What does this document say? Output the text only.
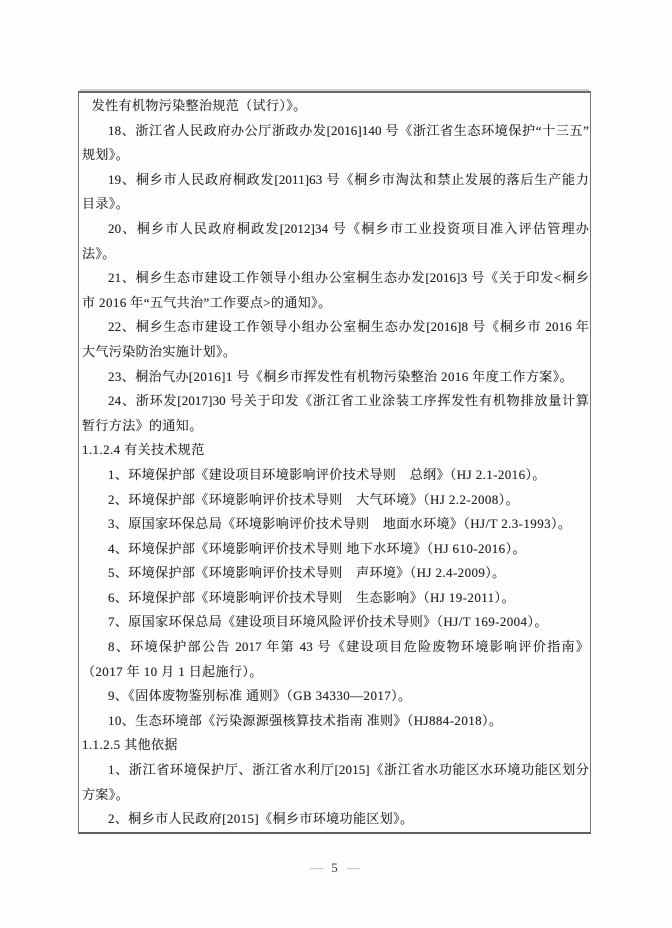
发性有机物污染整治规范（试行）》。
18、浙江省人民政府办公厅浙政办发[2016]140 号《浙江省生态环境保护“十三五”
规划》。
19、桐乡市人民政府桐政发[2011]63 号《桐乡市淘汰和禁止发展的落后生产能力
目录》。
20、桐乡市人民政府桐政发[2012]34 号《桐乡市工业投资项目准入评估管理办
法》。
21、桐乡生态市建设工作领导小组办公室桐生态办发[2016]3 号《关于印发<桐乡
市 2016 年“五气共治”工作要点>的通知》。
22、桐乡生态市建设工作领导小组办公室桐生态办发[2016]8 号《桐乡市 2016 年
大气污染防治实施计划》。
23、桐治气办[2016]1 号《桐乡市挥发性有机物污染整治 2016 年度工作方案》。
24、浙环发[2017]30 号关于印发《浙江省工业涂装工序挥发性有机物排放量计算
暂行方法》的通知。
1.1.2.4 有关技术规范
1、环境保护部《建设项目环境影响评价技术导则　总纲》（HJ 2.1-2016）。
2、环境保护部《环境影响评价技术导则　大气环境》（HJ 2.2-2008）。
3、原国家环保总局《环境影响评价技术导则　地面水环境》（HJ/T 2.3-1993）。
4、环境保护部《环境影响评价技术导则 地下水环境》（HJ 610-2016）。
5、环境保护部《环境影响评价技术导则　声环境》（HJ 2.4-2009）。
6、环境保护部《环境影响评价技术导则　生态影响》（HJ 19-2011）。
7、原国家环保总局《建设项目环境风险评价技术导则》（HJ/T 169-2004）。
8、环境保护部公告 2017 年第 43 号《建设项目危险废物环境影响评价指南》
（2017 年 10 月 1 日起施行）。
9、《固体废物鉴别标准 通则》（GB 34330—2017）。
10、生态环境部《污染源源强核算技术指南 准则》（HJ884-2018）。
1.1.2.5 其他依据
1、浙江省环境保护厅、浙江省水利厅[2015]《浙江省水功能区水环境功能区划分
方案》。
2、桐乡市人民政府[2015]《桐乡市环境功能区划》。
— 5 —
